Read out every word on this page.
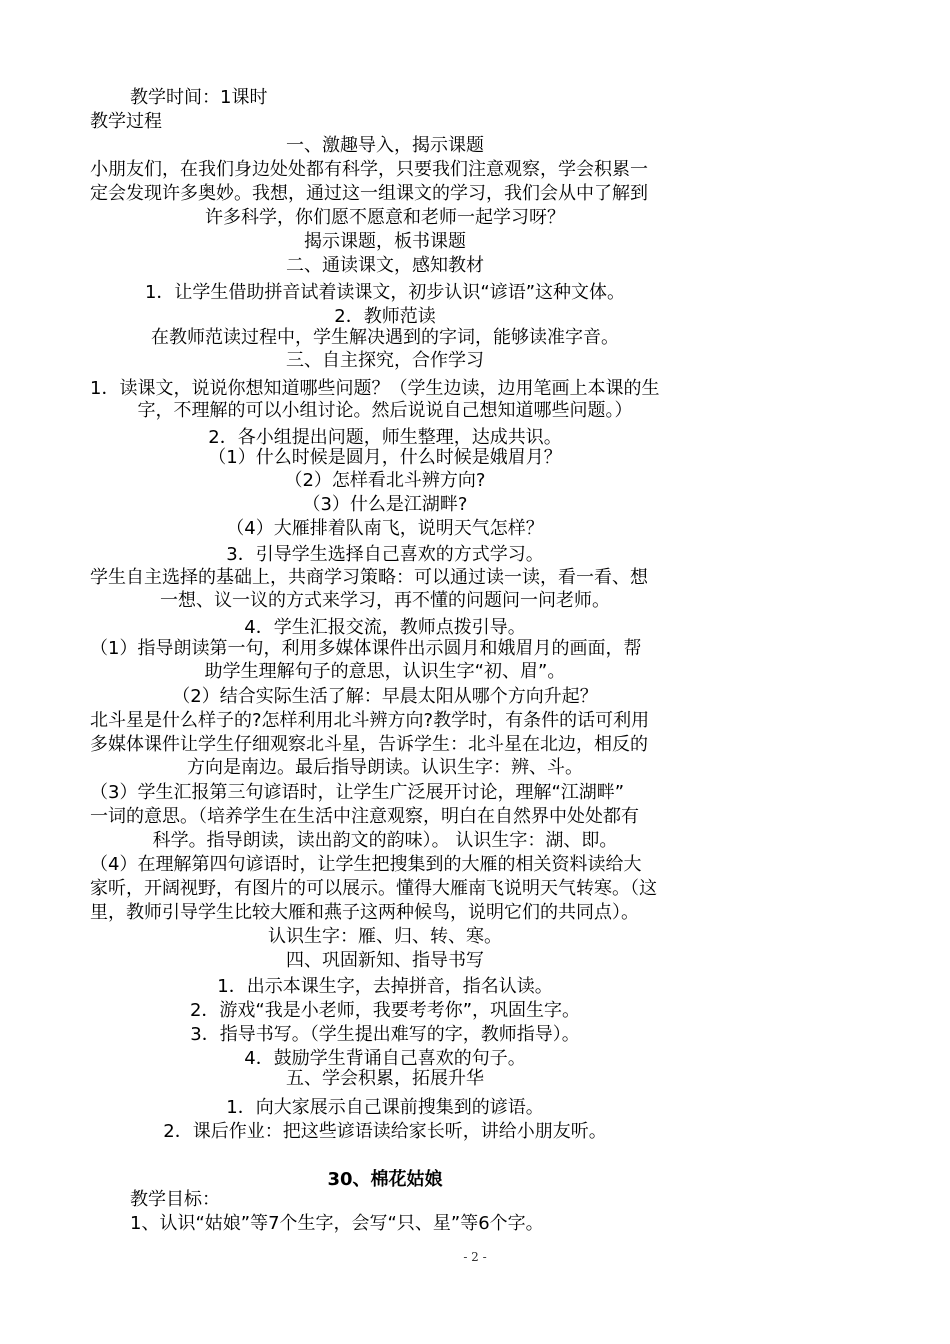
教学时间：1课时
教学过程
一、激趣导入，揭示课题
小朋友们，在我们身边处处都有科学，只要我们注意观察，学会积累一
定会发现许多奥妙。我想，通过这一组课文的学习，我们会从中了解到
许多科学，你们愿不愿意和老师一起学习呀？
揭示课题，板书课题
二、通读课文，感知教材
1．让学生借助拼音试着读课文，初步认识“谚语”这种文体。
2．教师范读
在教师范读过程中，学生解决遇到的字词，能够读准字音。
三、自主探究，合作学习
1．读课文，说说你想知道哪些问题？（学生边读，边用笔画上本课的生
字，不理解的可以小组讨论。然后说说自己想知道哪些问题。）
2．各小组提出问题，师生整理，达成共识。
（1）什么时候是圆月，什么时候是娥眉月？
（2）怎样看北斗辨方向?
（3）什么是江湖畔?
（4）大雁排着队南飞，说明天气怎样？
3．引导学生选择自己喜欢的方式学习。
学生自主选择的基础上，共商学习策略：可以通过读一读，看一看、想
一想、议一议的方式来学习，再不懂的问题问一问老师。
4．学生汇报交流，教师点拨引导。
（1）指导朗读第一句，利用多媒体课件出示圆月和娥眉月的画面，帮
助学生理解句子的意思，认识生字“初、眉”。
（2）结合实际生活了解：早晨太阳从哪个方向升起？
北斗星是什么样子的?怎样利用北斗辨方向?教学时，有条件的话可利用
多媒体课件让学生仔细观察北斗星，告诉学生：北斗星在北边，相反的
方向是南边。最后指导朗读。认识生字：辨、斗。
（3）学生汇报第三句谚语时，让学生广泛展开讨论，理解“江湖畔”
一词的意思。（培养学生在生活中注意观察，明白在自然界中处处都有
科学。指导朗读，读出韵文的韵味）。 认识生字：湖、即。
（4）在理解第四句谚语时，让学生把搜集到的大雁的相关资料读给大
家听，开阔视野，有图片的可以展示。懂得大雁南飞说明天气转寒。（这
里，教师引导学生比较大雁和燕子这两种候鸟，说明它们的共同点）。
认识生字：雁、归、转、寒。
四、巩固新知、指导书写
1．出示本课生字，去掉拼音，指名认读。
2．游戏“我是小老师，我要考考你”，巩固生字。
3．指导书写。（学生提出难写的字，教师指导）。
4．鼓励学生背诵自己喜欢的句子。
五、学会积累，拓展升华
1．向大家展示自己课前搜集到的谚语。
2．课后作业：把这些谚语读给家长听，讲给小朋友听。
30、棉花姑娘
教学目标：
1、认识“姑娘”等7个生字，会写“只、星”等6个字。
- 2 -
